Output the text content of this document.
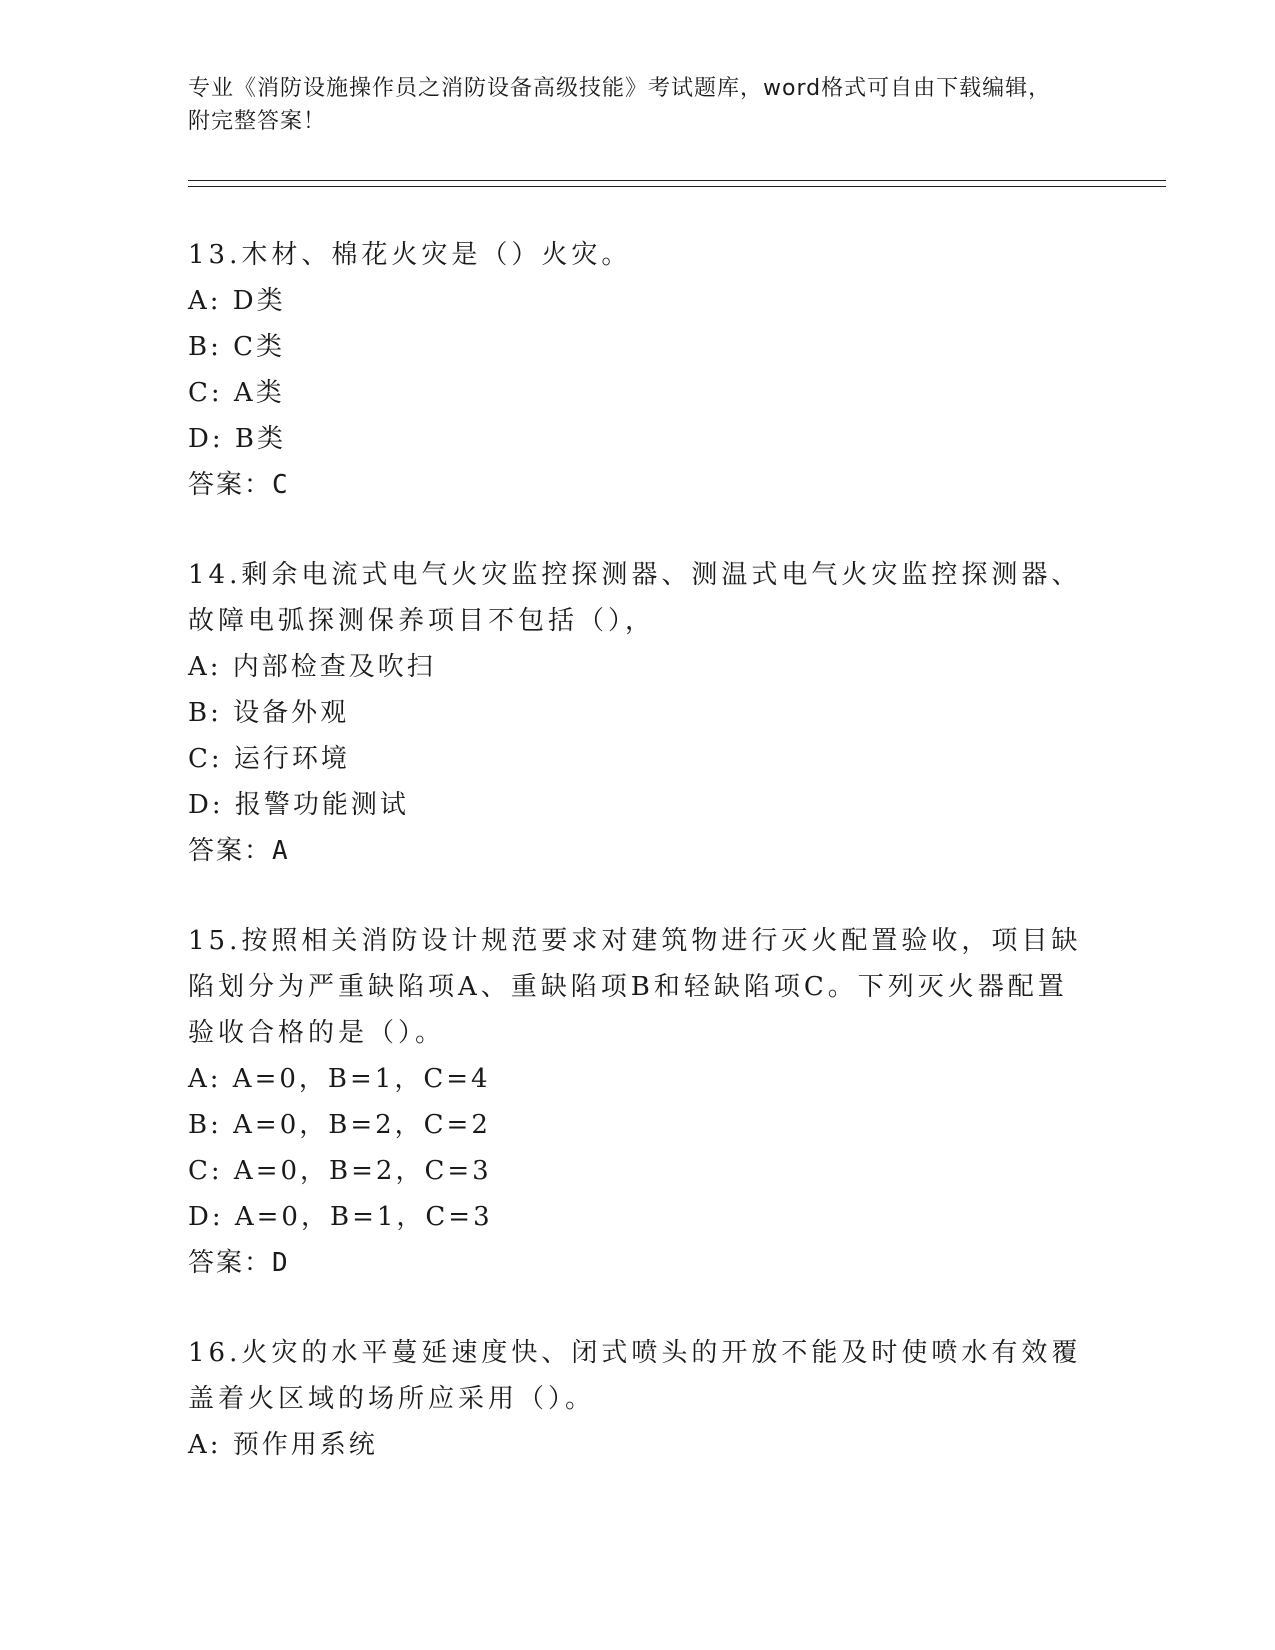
专业《消防设施操作员之消防设备高级技能》考试题库，word格式可自由下载编辑，附完整答案！

13.木材、棉花火灾是（）火灾。

A: D类

B: C类

C: A类

D: B类

答案：C

14.剩余电流式电气火灾监控探测器、测温式电气火灾监控探测器、故障电弧探测保养项目不包括（），

A: 内部检查及吹扫

B: 设备外观

C: 运行环境

D: 报警功能测试

答案：A

15.按照相关消防设计规范要求对建筑物进行灭火配置验收，项目缺陷划分为严重缺陷项A、重缺陷项B和轻缺陷项C。下列灭火器配置验收合格的是（）。

A: A=0，B=1，C=4

B: A=0，B=2，C=2

C: A=0，B=2，C=3

D: A=0，B=1，C=3

答案：D

16.火灾的水平蔓延速度快、闭式喷头的开放不能及时使喷水有效覆盖着火区域的场所应采用（）。

A: 预作用系统
